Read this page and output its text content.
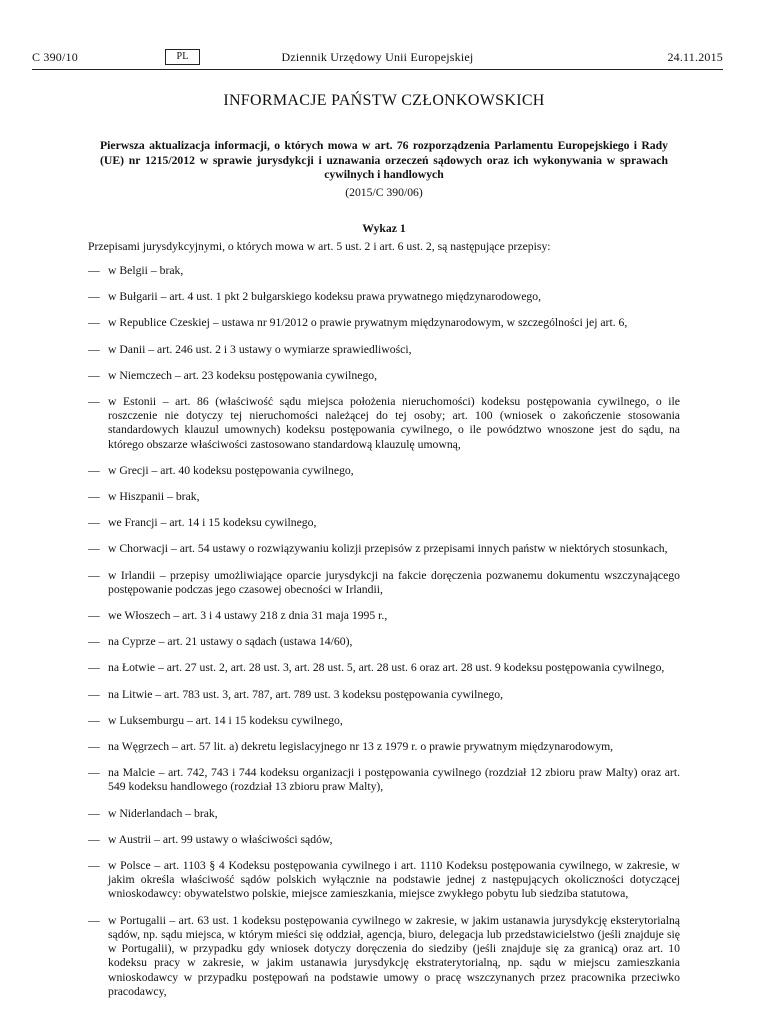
C 390/10	PL	Dziennik Urzędowy Unii Europejskiej	24.11.2015
INFORMACJE PAŃSTW CZŁONKOWSKICH
Pierwsza aktualizacja informacji, o których mowa w art. 76 rozporządzenia Parlamentu Europejskiego i Rady (UE) nr 1215/2012 w sprawie jurysdykcji i uznawania orzeczeń sądowych oraz ich wykonywania w sprawach cywilnych i handlowych
(2015/C 390/06)
Wykaz 1
Przepisami jurysdykcyjnymi, o których mowa w art. 5 ust. 2 i art. 6 ust. 2, są następujące przepisy:
— w Belgii – brak,
— w Bułgarii – art. 4 ust. 1 pkt 2 bułgarskiego kodeksu prawa prywatnego międzynarodowego,
— w Republice Czeskiej – ustawa nr 91/2012 o prawie prywatnym międzynarodowym, w szczególności jej art. 6,
— w Danii – art. 246 ust. 2 i 3 ustawy o wymiarze sprawiedliwości,
— w Niemczech – art. 23 kodeksu postępowania cywilnego,
— w Estonii – art. 86 (właściwość sądu miejsca położenia nieruchomości) kodeksu postępowania cywilnego, o ile roszczenie nie dotyczy tej nieruchomości należącej do tej osoby; art. 100 (wniosek o zakończenie stosowania standardowych klauzul umownych) kodeksu postępowania cywilnego, o ile powództwo wnoszone jest do sądu, na którego obszarze właściwości zastosowano standardową klauzulę umowną,
— w Grecji – art. 40 kodeksu postępowania cywilnego,
— w Hiszpanii – brak,
— we Francji – art. 14 i 15 kodeksu cywilnego,
— w Chorwacji – art. 54 ustawy o rozwiązywaniu kolizji przepisów z przepisami innych państw w niektórych stosunkach,
— w Irlandii – przepisy umożliwiające oparcie jurysdykcji na fakcie doręczenia pozwanemu dokumentu wszczynającego postępowanie podczas jego czasowej obecności w Irlandii,
— we Włoszech – art. 3 i 4 ustawy 218 z dnia 31 maja 1995 r.,
— na Cyprze – art. 21 ustawy o sądach (ustawa 14/60),
— na Łotwie – art. 27 ust. 2, art. 28 ust. 3, art. 28 ust. 5, art. 28 ust. 6 oraz art. 28 ust. 9 kodeksu postępowania cywilnego,
— na Litwie – art. 783 ust. 3, art. 787, art. 789 ust. 3 kodeksu postępowania cywilnego,
— w Luksemburgu – art. 14 i 15 kodeksu cywilnego,
— na Węgrzech – art. 57 lit. a) dekretu legislacyjnego nr 13 z 1979 r. o prawie prywatnym międzynarodowym,
— na Malcie – art. 742, 743 i 744 kodeksu organizacji i postępowania cywilnego (rozdział 12 zbioru praw Malty) oraz art. 549 kodeksu handlowego (rozdział 13 zbioru praw Malty),
— w Niderlandach – brak,
— w Austrii – art. 99 ustawy o właściwości sądów,
— w Polsce – art. 1103 § 4 Kodeksu postępowania cywilnego i art. 1110 Kodeksu postępowania cywilnego, w zakresie, w jakim określa właściwość sądów polskich wyłącznie na podstawie jednej z następujących okoliczności dotyczącej wnioskodawcy: obywatelstwo polskie, miejsce zamieszkania, miejsce zwykłego pobytu lub siedziba statutowa,
— w Portugalii – art. 63 ust. 1 kodeksu postępowania cywilnego w zakresie, w jakim ustanawia jurysdykcję eksterytorialną sądów, np. sądu miejsca, w którym mieści się oddział, agencja, biuro, delegacja lub przedstawicielstwo (jeśli znajduje się w Portugalii), w przypadku gdy wniosek dotyczy doręczenia do siedziby (jeśli znajduje się za granicą) oraz art. 10 kodeksu pracy w zakresie, w jakim ustanawia jurysdykcję ekstraterytorialną, np. sądu w miejscu zamieszkania wnioskodawcy w przypadku postępowań na podstawie umowy o pracę wszczynanych przez pracownika przeciwko pracodawcy,
